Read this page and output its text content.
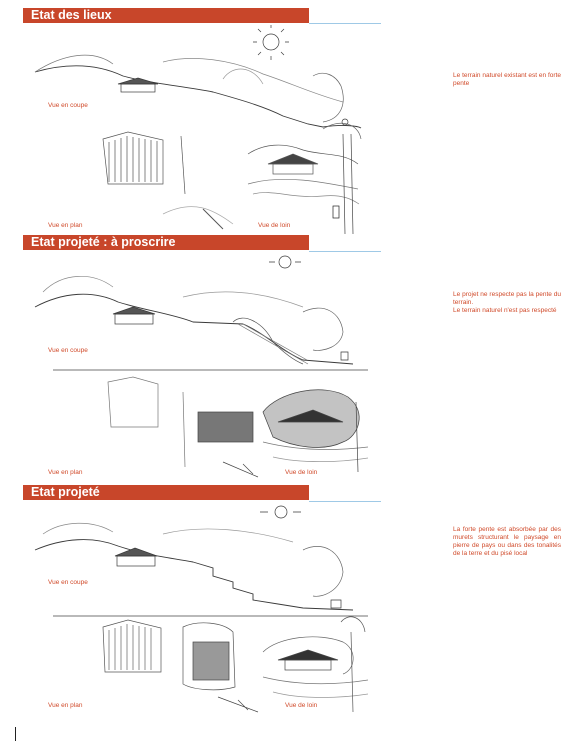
Etat des lieux
Vue en coupe
Vue en plan	Vue de loin
Le terrain naturel existant est en forte pente
Etat projeté : à proscrire
Vue en coupe
Vue en plan	Vue de loin
Le projet ne respecte pas la pente du terrain.
Le terrain naturel n'est pas respecté
Etat projeté
Vue en coupe
Vue en plan	Vue de loin
La forte pente est absorbée par des murets structurant le paysage en pierre de pays ou dans des tonalités de la terre et du pisé local
